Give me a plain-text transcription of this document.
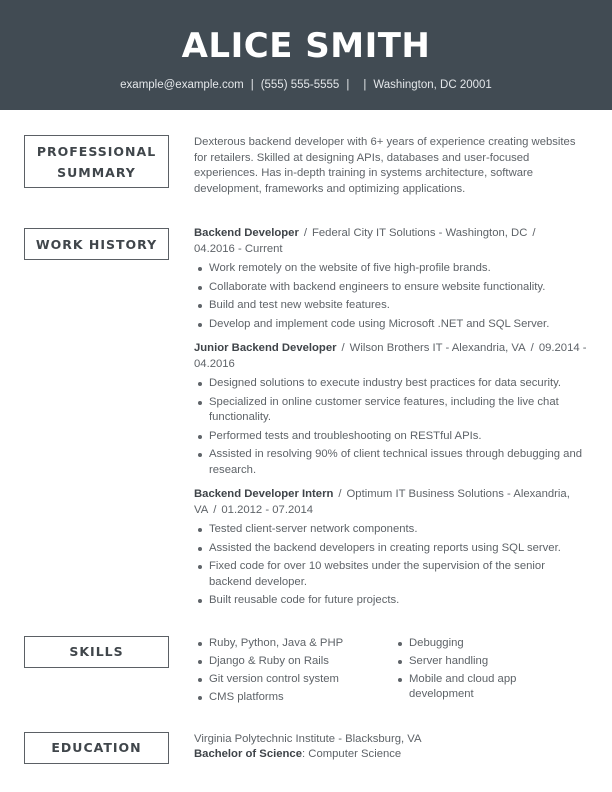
ALICE SMITH
example@example.com | (555) 555-5555 | | Washington, DC 20001
PROFESSIONAL
SUMMARY

Dexterous backend developer with 6+ years of experience creating websites for retailers. Skilled at designing APIs, databases and user-focused experiences. Has in-depth training in systems architecture, software development, frameworks and optimizing applications.

WORK HISTORY
Backend Developer / Federal City IT Solutions - Washington, DC /
04.2016 - Current
Work remotely on the website of five high-profile brands.
Collaborate with backend engineers to ensure website functionality.
Build and test new website features.
Develop and implement code using Microsoft .NET and SQL Server.
Junior Backend Developer / Wilson Brothers IT - Alexandria, VA / 09.2014 - 04.2016
Designed solutions to execute industry best practices for data security.
Specialized in online customer service features, including the live chat functionality.
Performed tests and troubleshooting on RESTful APIs.
Assisted in resolving 90% of client technical issues through debugging and research.
Backend Developer Intern / Optimum IT Business Solutions - Alexandria, VA / 01.2012 - 07.2014
Tested client-server network components.
Assisted the backend developers in creating reports using SQL server.
Fixed code for over 10 websites under the supervision of the senior backend developer.
Built reusable code for future projects.
SKILLS
Ruby, Python, Java & PHP
Django & Ruby on Rails
Git version control system
CMS platforms
Debugging
Server handling
Mobile and cloud app development
EDUCATION
Virginia Polytechnic Institute - Blacksburg, VA
Bachelor of Science: Computer Science
